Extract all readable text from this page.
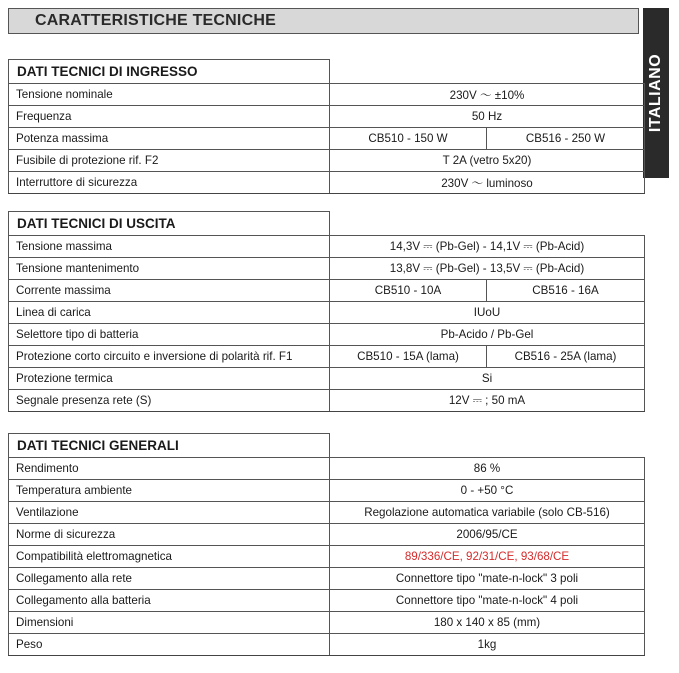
CARATTERISTICHE TECNICHE
ITALIANO
DATI TECNICI DI INGRESSO		
Tensione nominale	230V ～ ±10%	
Frequenza	50 Hz	
Potenza massima	CB510 - 150 W	CB516 - 250 W
Fusibile di protezione rif. F2	T 2A (vetro 5x20)	
Interruttore di sicurezza	230V ～ luminoso	
DATI TECNICI DI USCITA		
Tensione massima	14,3V ⎓ (Pb-Gel) - 14,1V ⎓ (Pb-Acid)	
Tensione mantenimento	13,8V ⎓ (Pb-Gel) - 13,5V ⎓ (Pb-Acid)	
Corrente massima	CB510 - 10A	CB516 - 16A
Linea di carica	IUoU	
Selettore tipo di batteria	Pb-Acido / Pb-Gel	
Protezione corto circuito e inversione di polarità rif. F1	CB510 - 15A (lama)	CB516 - 25A (lama)
Protezione termica	Si	
Segnale presenza rete (S)	12V ⎓ ; 50 mA	
DATI TECNICI GENERALI	
Rendimento	86 %
Temperatura ambiente	0 - +50 °C
Ventilazione	Regolazione automatica variabile (solo CB-516)
Norme di sicurezza	2006/95/CE
Compatibilità elettromagnetica	89/336/CE, 92/31/CE, 93/68/CE
Collegamento alla rete	Connettore tipo "mate-n-lock" 3 poli
Collegamento alla batteria	Connettore tipo "mate-n-lock" 4 poli
Dimensioni	180 x 140 x 85 (mm)
Peso	1kg
